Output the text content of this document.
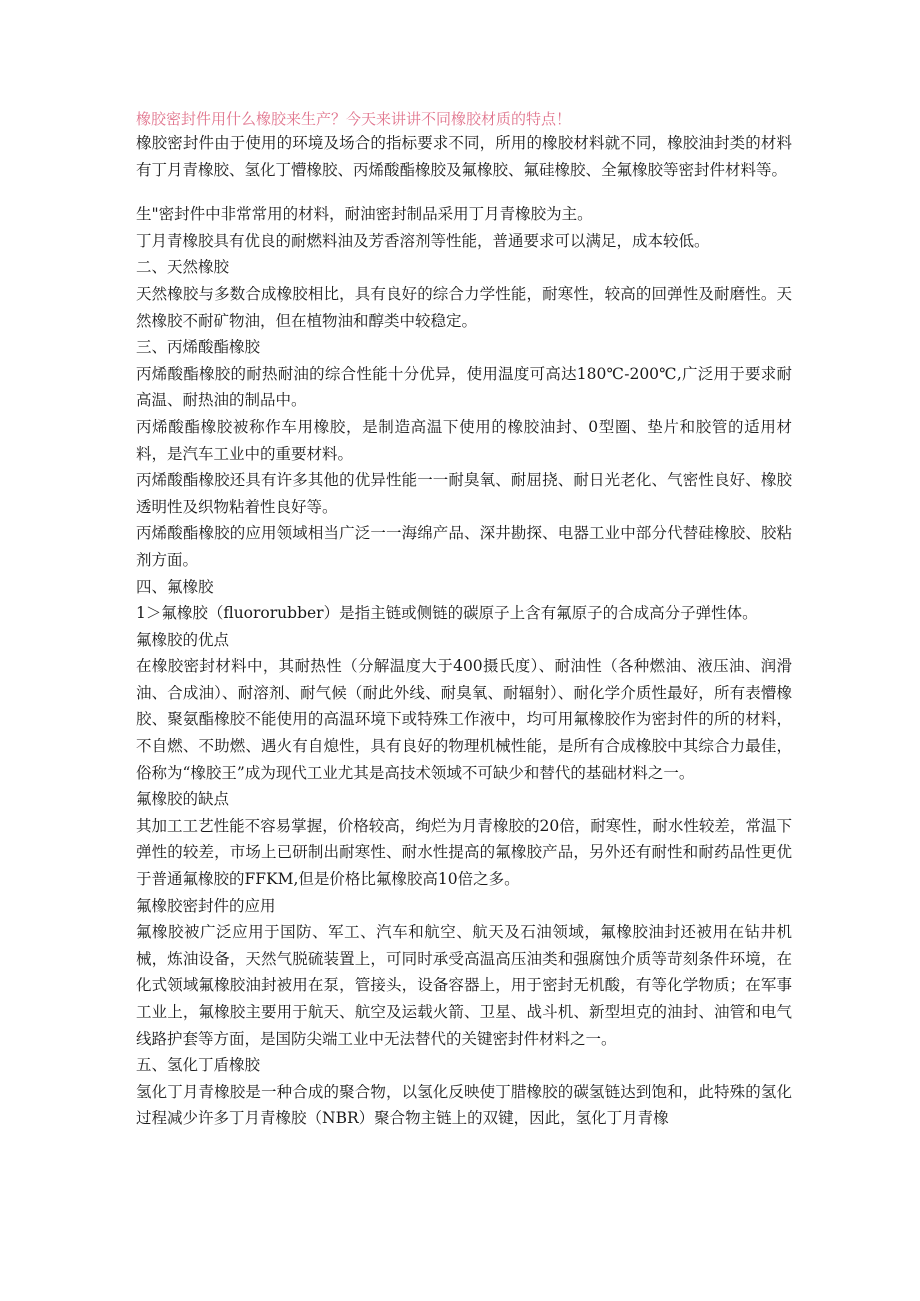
橡胶密封件用什么橡胶来生产？今天来讲讲不同橡胶材质的特点！

橡胶密封件由于使用的环境及场合的指标要求不同，所用的橡胶材料就不同，橡胶油封类的材料有丁月青橡胶、氢化丁懵橡胶、丙烯酸酯橡胶及氟橡胶、氟硅橡胶、全氟橡胶等密封件材料等。

生"密封件中非常常用的材料，耐油密封制品采用丁月青橡胶为主。

丁月青橡胶具有优良的耐燃料油及芳香溶剂等性能，普通要求可以满足，成本较低。

二、天然橡胶

天然橡胶与多数合成橡胶相比，具有良好的综合力学性能，耐寒性，较高的回弹性及耐磨性。天然橡胶不耐矿物油，但在植物油和醇类中较稳定。

三、丙烯酸酯橡胶

丙烯酸酯橡胶的耐热耐油的综合性能十分优异，使用温度可高达180℃-200℃,广泛用于要求耐高温、耐热油的制品中。

丙烯酸酯橡胶被称作车用橡胶，是制造高温下使用的橡胶油封、0型圈、垫片和胶管的适用材料，是汽车工业中的重要材料。

丙烯酸酯橡胶还具有许多其他的优异性能一一耐臭氧、耐屈挠、耐日光老化、气密性良好、橡胶透明性及织物粘着性良好等。

丙烯酸酯橡胶的应用领域相当广泛一一海绵产品、深井勘探、电器工业中部分代替硅橡胶、胶粘剂方面。

四、氟橡胶

1＞氟橡胶（fluororubber）是指主链或侧链的碳原子上含有氟原子的合成高分子弹性体。

氟橡胶的优点

在橡胶密封材料中，其耐热性（分解温度大于400摄氏度）、耐油性（各种燃油、液压油、润滑油、合成油）、耐溶剂、耐气候（耐此外线、耐臭氧、耐辐射）、耐化学介质性最好，所有表懵橡胶、聚氨酯橡胶不能使用的高温环境下或特殊工作液中，均可用氟橡胶作为密封件的所的材料，不自燃、不助燃、遇火有自熄性，具有良好的物理机械性能，是所有合成橡胶中其综合力最佳，俗称为“橡胶王”成为现代工业尤其是高技术领域不可缺少和替代的基础材料之一。

氟橡胶的缺点

其加工工艺性能不容易掌握，价格较高，绚烂为月青橡胶的20倍，耐寒性，耐水性较差，常温下弹性的较差，市场上已研制出耐寒性、耐水性提高的氟橡胶产品，另外还有耐性和耐药品性更优于普通氟橡胶的FFKM,但是价格比氟橡胶高10倍之多。

氟橡胶密封件的应用

氟橡胶被广泛应用于国防、军工、汽车和航空、航天及石油领域，氟橡胶油封还被用在钻井机械，炼油设备，天然气脱硫装置上，可同时承受高温高压油类和强腐蚀介质等苛刻条件环境，在化式领域氟橡胶油封被用在泵，管接头，设备容器上，用于密封无机酸，有等化学物质；在军事工业上，氟橡胶主要用于航天、航空及运载火箭、卫星、战斗机、新型坦克的油封、油管和电气线路护套等方面，是国防尖端工业中无法替代的关键密封件材料之一。

五、氢化丁盾橡胶

氢化丁月青橡胶是一种合成的聚合物，以氢化反映使丁腊橡胶的碳氢链达到饱和，此特殊的氢化过程减少许多丁月青橡胶（NBR）聚合物主链上的双键，因此，氢化丁月青橡
